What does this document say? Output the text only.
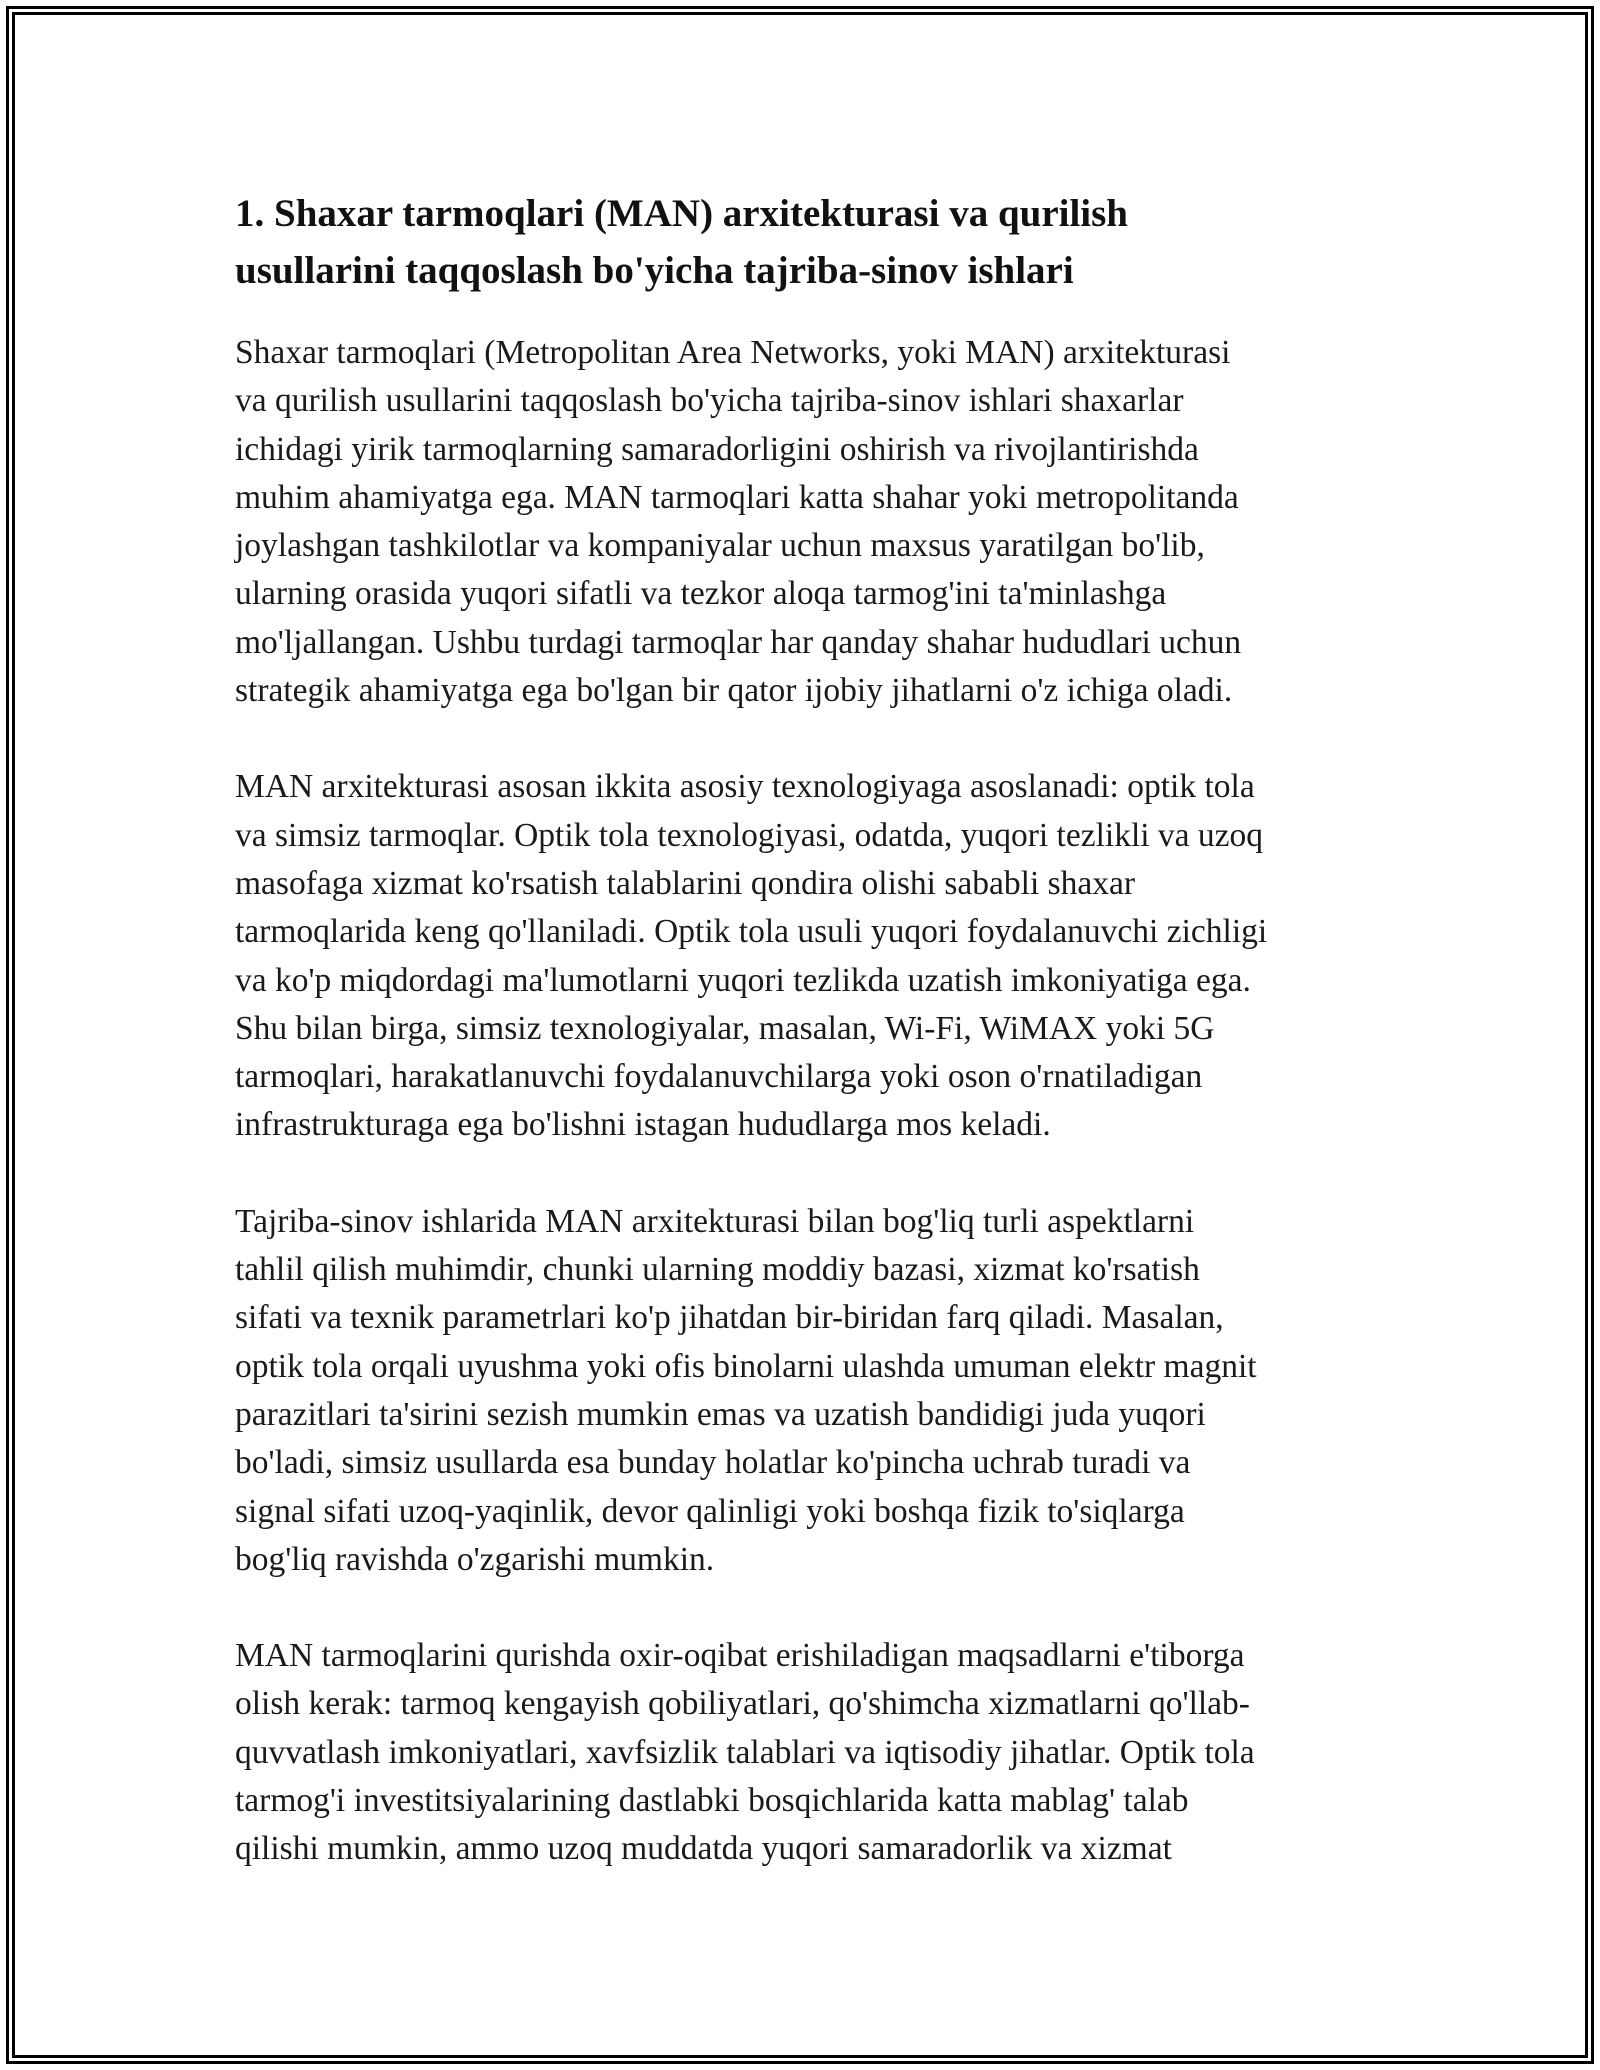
1. Shaxar tarmoqlari (MAN) arxitekturasi va qurilish
usullarini taqqoslash bo'yicha tajriba-sinov ishlari

Shaxar tarmoqlari (Metropolitan Area Networks, yoki MAN) arxitekturasi
va qurilish usullarini taqqoslash bo'yicha tajriba-sinov ishlari shaxarlar
ichidagi yirik tarmoqlarning samaradorligini oshirish va rivojlantirishda
muhim ahamiyatga ega. MAN tarmoqlari katta shahar yoki metropolitanda
joylashgan tashkilotlar va kompaniyalar uchun maxsus yaratilgan bo'lib,
ularning orasida yuqori sifatli va tezkor aloqa tarmog'ini ta'minlashga
mo'ljallangan. Ushbu turdagi tarmoqlar har qanday shahar hududlari uchun
strategik ahamiyatga ega bo'lgan bir qator ijobiy jihatlarni o'z ichiga oladi.

MAN arxitekturasi asosan ikkita asosiy texnologiyaga asoslanadi: optik tola
va simsiz tarmoqlar. Optik tola texnologiyasi, odatda, yuqori tezlikli va uzoq
masofaga xizmat ko'rsatish talablarini qondira olishi sababli shaxar
tarmoqlarida keng qo'llaniladi. Optik tola usuli yuqori foydalanuvchi zichligi
va ko'p miqdordagi ma'lumotlarni yuqori tezlikda uzatish imkoniyatiga ega.
Shu bilan birga, simsiz texnologiyalar, masalan, Wi-Fi, WiMAX yoki 5G
tarmoqlari, harakatlanuvchi foydalanuvchilarga yoki oson o'rnatiladigan
infrastrukturaga ega bo'lishni istagan hududlarga mos keladi.

Tajriba-sinov ishlarida MAN arxitekturasi bilan bog'liq turli aspektlarni
tahlil qilish muhimdir, chunki ularning moddiy bazasi, xizmat ko'rsatish
sifati va texnik parametrlari ko'p jihatdan bir-biridan farq qiladi. Masalan,
optik tola orqali uyushma yoki ofis binolarni ulashda umuman elektr magnit
parazitlari ta'sirini sezish mumkin emas va uzatish bandidigi juda yuqori
bo'ladi, simsiz usullarda esa bunday holatlar ko'pincha uchrab turadi va
signal sifati uzoq-yaqinlik, devor qalinligi yoki boshqa fizik to'siqlarga
bog'liq ravishda o'zgarishi mumkin.

MAN tarmoqlarini qurishda oxir-oqibat erishiladigan maqsadlarni e'tiborga
olish kerak: tarmoq kengayish qobiliyatlari, qo'shimcha xizmatlarni qo'llab-
quvvatlash imkoniyatlari, xavfsizlik talablari va iqtisodiy jihatlar. Optik tola
tarmog'i investitsiyalarining dastlabki bosqichlarida katta mablag' talab
qilishi mumkin, ammo uzoq muddatda yuqori samaradorlik va xizmat
